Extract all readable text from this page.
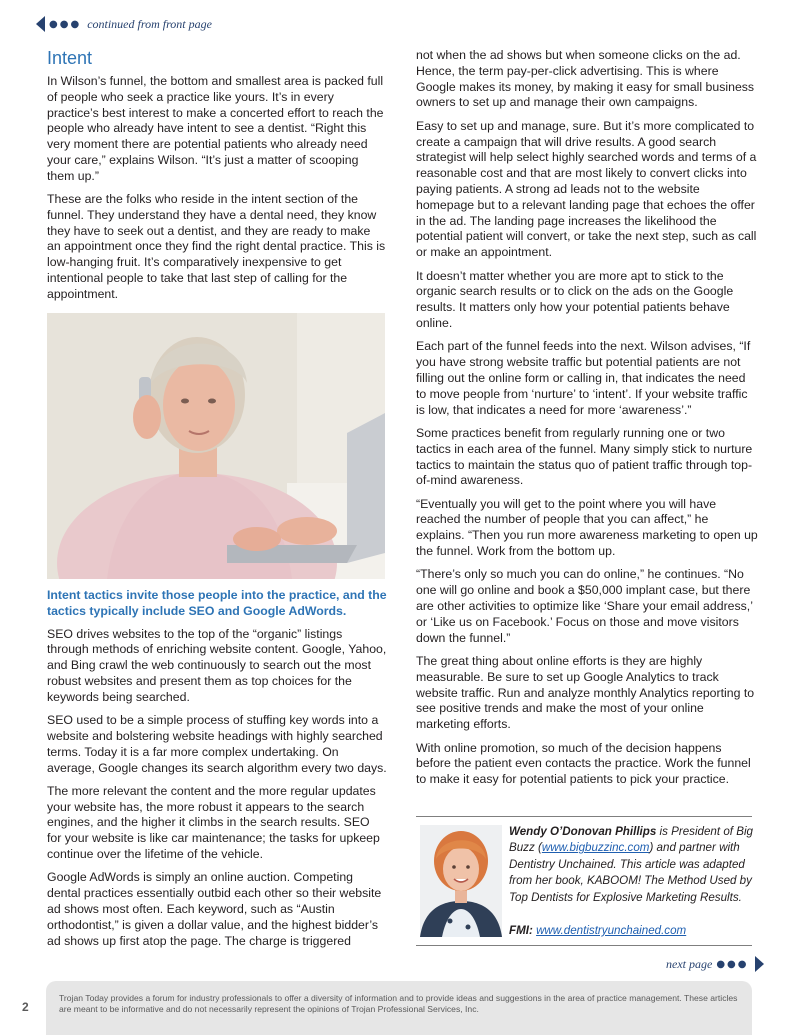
●●● continued from front page
Intent

In Wilson’s funnel, the bottom and smallest area is packed full of people who seek a practice like yours. It’s in every practice’s best interest to make a concerted effort to reach the people who already have intent to see a dentist. “Right this very moment there are potential patients who already need your care,” explains Wilson. “It’s just a matter of scooping them up.”

These are the folks who reside in the intent section of the funnel. They understand they have a dental need, they know they have to seek out a dentist, and they are ready to make an appointment once they find the right dental practice. This is low-hanging fruit. It’s comparatively inexpensive to get intentional people to take that last step of calling for the appointment.

Intent tactics invite those people into the practice, and the tactics typically include SEO and Google AdWords.

SEO drives websites to the top of the “organic” listings through methods of enriching website content. Google, Yahoo, and Bing crawl the web continuously to search out the most robust websites and present them as top choices for the keywords being searched.

SEO used to be a simple process of stuffing key words into a website and bolstering website headings with highly searched terms. Today it is a far more complex undertaking. On average, Google changes its search algorithm every two days.

The more relevant the content and the more regular updates your website has, the more robust it appears to the search engines, and the higher it climbs in the search results. SEO for your website is like car maintenance; the tasks for upkeep continue over the lifetime of the vehicle.

Google AdWords is simply an online auction. Competing dental practices essentially outbid each other so their website ad shows most often. Each keyword, such as “Austin orthodontist,” is given a dollar value, and the highest bidder’s ad shows up first atop the page. The charge is triggered

not when the ad shows but when someone clicks on the ad. Hence, the term pay-per-click advertising. This is where Google makes its money, by making it easy for small business owners to set up and manage their own campaigns.

Easy to set up and manage, sure. But it’s more complicated to create a campaign that will drive results. A good search strategist will help select highly searched words and terms of a reasonable cost and that are most likely to convert clicks into paying patients. A strong ad leads not to the website homepage but to a relevant landing page that echoes the offer in the ad. The landing page increases the likelihood the potential patient will convert, or take the next step, such as call or make an appointment.

It doesn’t matter whether you are more apt to stick to the organic search results or to click on the ads on the Google results. It matters only how your potential patients behave online.

Each part of the funnel feeds into the next. Wilson advises, “If you have strong website traffic but potential patients are not filling out the online form or calling in, that indicates the need to move people from ‘nurture’ to ‘intent’. If your website traffic is low, that indicates a need for more ‘awareness’.”

Some practices benefit from regularly running one or two tactics in each area of the funnel. Many simply stick to nurture tactics to maintain the status quo of patient traffic through top-of-mind awareness.

“Eventually you will get to the point where you will have reached the number of people that you can affect,” he explains. “Then you run more awareness marketing to open up the funnel. Work from the bottom up.

“There’s only so much you can do online,” he continues. “No one will go online and book a $50,000 implant case, but there are other activities to optimize like ‘Share your email address,’ or ‘Like us on Facebook.’ Focus on those and move visitors down the funnel.”

The great thing about online efforts is they are highly measurable. Be sure to set up Google Analytics to track website traffic. Run and analyze monthly Analytics reporting to see positive trends and make the most of your online marketing efforts.

With online promotion, so much of the decision happens before the patient even contacts the practice. Work the funnel to make it easy for potential patients to pick your practice.

Wendy O’Donovan Phillips is President of Big Buzz (www.bigbuzzinc.com) and partner with Dentistry Unchained. This article was adapted from her book, KABOOM! The Method Used by Top Dentists for Explosive Marketing Results.
FMI: www.dentistryunchained.com
next page ●●●
2
Trojan Today provides a forum for industry professionals to offer a diversity of information and to provide ideas and suggestions in the area of practice management. These articles are meant to be informative and do not necessarily represent the opinions of Trojan Professional Services, Inc.
